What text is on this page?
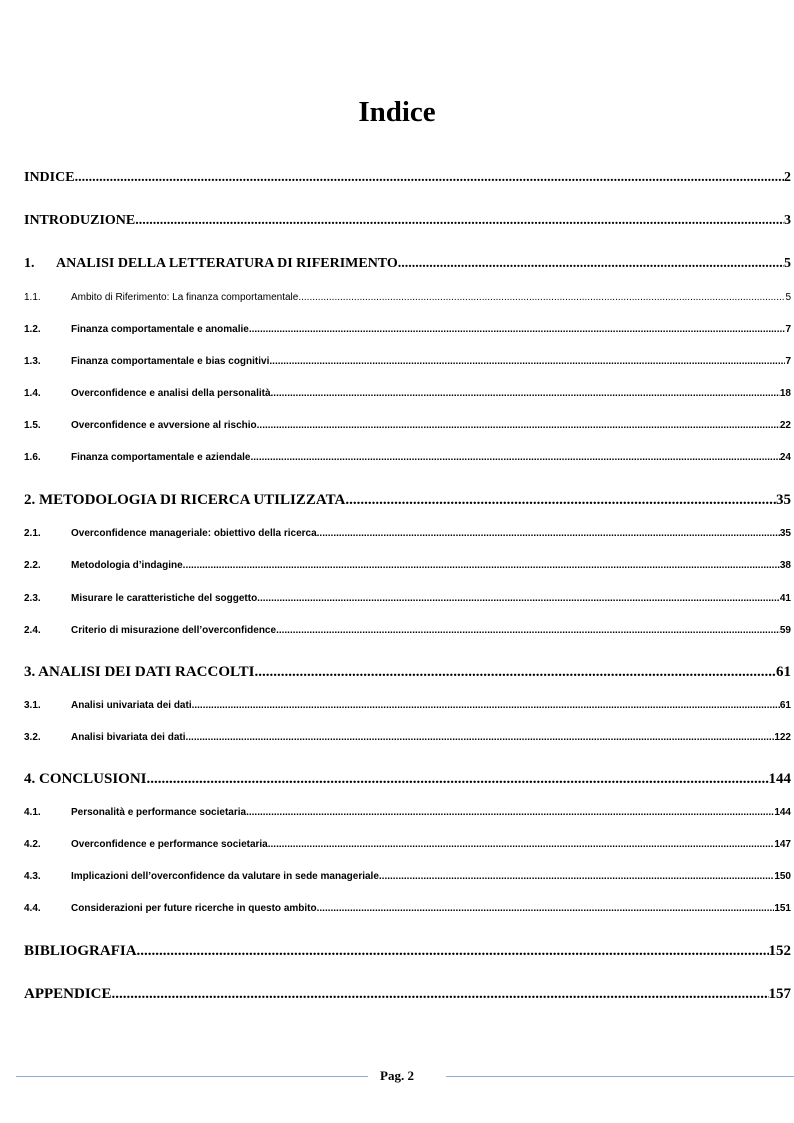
Indice
INDICE .....	2
INTRODUZIONE .....	3
1.	ANALISI DELLA LETTERATURA DI RIFERIMENTO .....	5
1.1.	Ambito di Riferimento: La finanza comportamentale .....	5
1.2.	Finanza comportamentale e anomalie .....	7
1.3.	Finanza comportamentale e bias cognitivi .....	7
1.4.	Overconfidence e analisi della personalità .....	18
1.5.	Overconfidence e avversione al rischio .....	22
1.6.	Finanza comportamentale e aziendale .....	24
2. METODOLOGIA DI RICERCA UTILIZZATA .....	35
2.1.	Overconfidence manageriale: obiettivo della ricerca .....	35
2.2.	Metodologia d’indagine .....	38
2.3.	Misurare le caratteristiche del soggetto .....	41
2.4.	Criterio di misurazione dell’overconfidence .....	59
3. ANALISI DEI DATI RACCOLTI .....	61
3.1.	Analisi univariata dei dati .....	61
3.2.	Analisi bivariata dei dati .....	122
4. CONCLUSIONI .....	144
4.1.	Personalità e performance societaria .....	144
4.2.	Overconfidence e performance societaria .....	147
4.3.	Implicazioni dell’overconfidence da valutare in sede manageriale .....	150
4.4.	Considerazioni per future ricerche in questo ambito .....	151
BIBLIOGRAFIA .....	152
APPENDICE .....	157
Pag. 2
